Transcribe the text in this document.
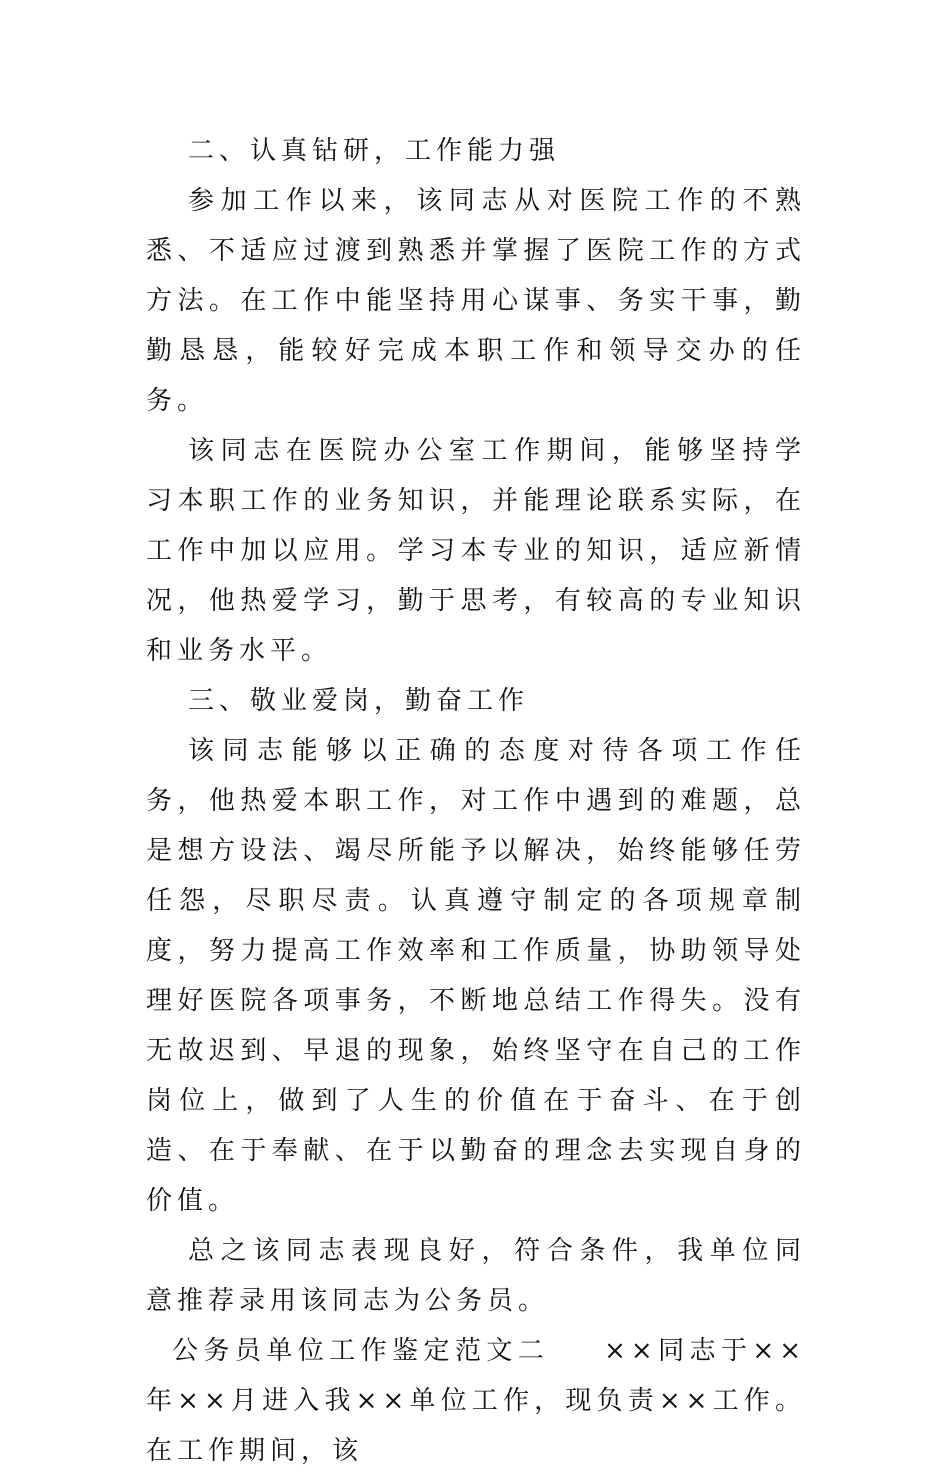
二、认真钻研，工作能力强

参加工作以来，该同志从对医院工作的不熟悉、不适应过渡到熟悉并掌握了医院工作的方式方法。在工作中能坚持用心谋事、务实干事，勤勤恳恳，能较好完成本职工作和领导交办的任务。

该同志在医院办公室工作期间，能够坚持学习本职工作的业务知识，并能理论联系实际，在工作中加以应用。学习本专业的知识，适应新情况，他热爱学习，勤于思考，有较高的专业知识和业务水平。

三、敬业爱岗，勤奋工作

该同志能够以正确的态度对待各项工作任务，他热爱本职工作，对工作中遇到的难题，总是想方设法、竭尽所能予以解决，始终能够任劳任怨，尽职尽责。认真遵守制定的各项规章制度，努力提高工作效率和工作质量，协助领导处理好医院各项事务，不断地总结工作得失。没有无故迟到、早退的现象，始终坚守在自己的工作岗位上，做到了人生的价值在于奋斗、在于创造、在于奉献、在于以勤奋的理念去实现自身的价值。

总之该同志表现良好，符合条件，我单位同意推荐录用该同志为公务员。

公务员单位工作鉴定范文二    ××同志于××年××月进入我××单位工作，现负责××工作。在工作期间，该
